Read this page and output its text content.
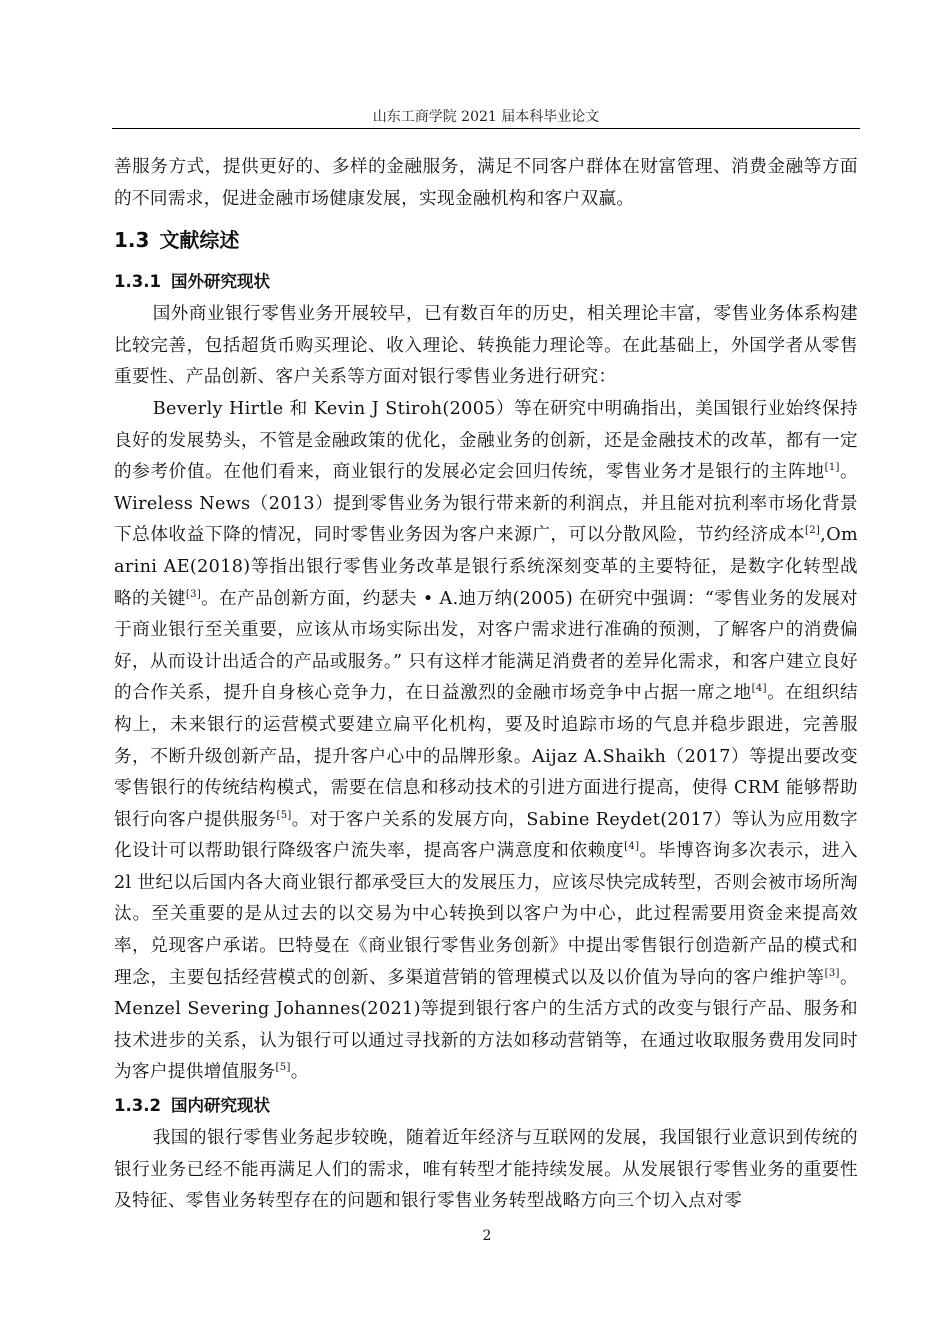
山东工商学院 2021 届本科毕业论文

善服务方式，提供更好的、多样的金融服务，满足不同客户群体在财富管理、消费金融等方面的不同需求，促进金融市场健康发展，实现金融机构和客户双赢。

1.3 文献综述
1.3.1 国外研究现状

国外商业银行零售业务开展较早，已有数百年的历史，相关理论丰富，零售业务体系构建比较完善，包括超货币购买理论、收入理论、转换能力理论等。在此基础上，外国学者从零售重要性、产品创新、客户关系等方面对银行零售业务进行研究：

Beverly Hirtle 和 Kevin J Stiroh(2005）等在研究中明确指出，美国银行业始终保持良好的发展势头，不管是金融政策的优化，金融业务的创新，还是金融技术的改革，都有一定的参考价值。在他们看来，商业银行的发展必定会回归传统，零售业务才是银行的主阵地[1]。Wireless News（2013）提到零售业务为银行带来新的利润点，并且能对抗利率市场化背景下总体收益下降的情况，同时零售业务因为客户来源广，可以分散风险，节约经济成本[2],Omarini AE(2018)等指出银行零售业务改革是银行系统深刻变革的主要特征，是数字化转型战略的关键[3]。在产品创新方面，约瑟夫 • A.迪万纳(2005) 在研究中强调：“零售业务的发展对于商业银行至关重要，应该从市场实际出发，对客户需求进行准确的预测，了解客户的消费偏好，从而设计出适合的产品或服务。” 只有这样才能满足消费者的差异化需求，和客户建立良好的合作关系，提升自身核心竞争力，在日益激烈的金融市场竞争中占据一席之地[4]。在组织结构上，未来银行的运营模式要建立扁平化机构，要及时追踪市场的气息并稳步跟进，完善服务，不断升级创新产品，提升客户心中的品牌形象。Aijaz A.Shaikh（2017）等提出要改变零售银行的传统结构模式，需要在信息和移动技术的引进方面进行提高，使得 CRM 能够帮助银行向客户提供服务[5]。对于客户关系的发展方向，Sabine Reydet(2017）等认为应用数字化设计可以帮助银行降级客户流失率，提高客户满意度和依赖度[4]。毕博咨询多次表示，进入 2l 世纪以后国内各大商业银行都承受巨大的发展压力，应该尽快完成转型，否则会被市场所淘汰。至关重要的是从过去的以交易为中心转换到以客户为中心，此过程需要用资金来提高效率，兑现客户承诺。巴特曼在《商业银行零售业务创新》中提出零售银行创造新产品的模式和理念，主要包括经营模式的创新、多渠道营销的管理模式以及以价值为导向的客户维护等[3]。Menzel Severing Johannes(2021)等提到银行客户的生活方式的改变与银行产品、服务和技术进步的关系，认为银行可以通过寻找新的方法如移动营销等，在通过收取服务费用发同时为客户提供增值服务[5]。

1.3.2 国内研究现状

我国的银行零售业务起步较晚，随着近年经济与互联网的发展，我国银行业意识到传统的银行业务已经不能再满足人们的需求，唯有转型才能持续发展。从发展银行零售业务的重要性及特征、零售业务转型存在的问题和银行零售业务转型战略方向三个切入点对零

2
